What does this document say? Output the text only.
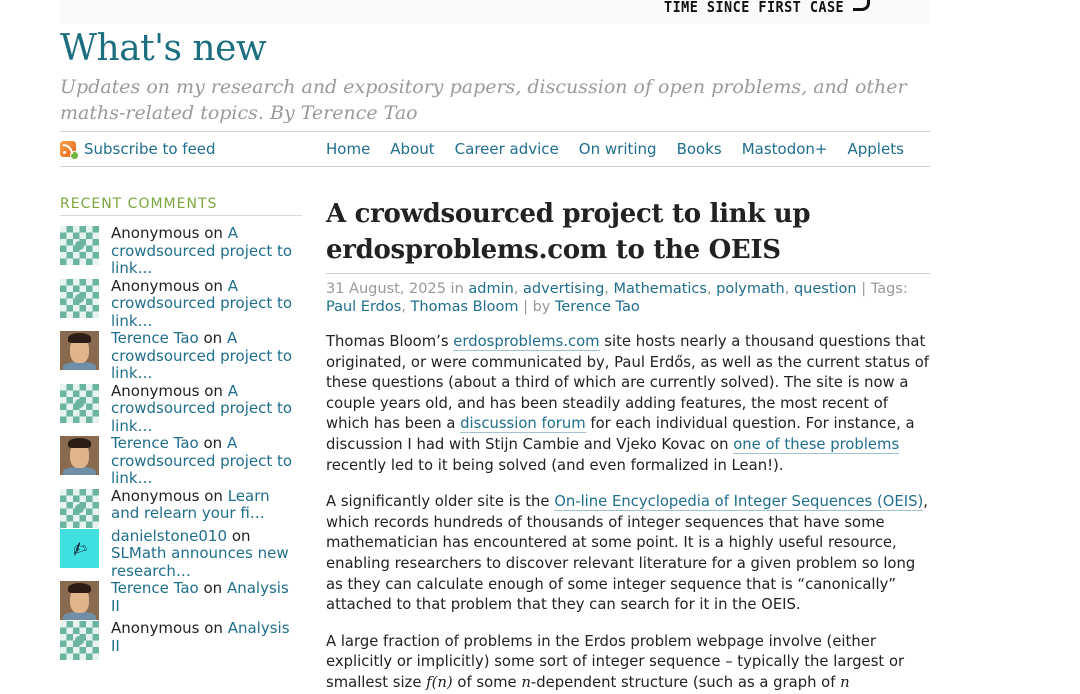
TIME SINCE FIRST CASE
What's new
Updates on my research and expository papers, discussion of open problems, and other maths-related topics. By Terence Tao
Subscribe to feed	Home About Career advice On writing Books Mastodon+ Applets
RECENT COMMENTS
Anonymous on A crowdsourced project to link…
Anonymous on A crowdsourced project to link…
Terence Tao on A crowdsourced project to link…
Anonymous on A crowdsourced project to link…
Terence Tao on A crowdsourced project to link…
Anonymous on Learn and relearn your fi…
✍
danielstone010 on SLMath announces new research…
Terence Tao on Analysis II
Anonymous on Analysis II
A crowdsourced project to link up erdosproblems.com to the OEIS
31 August, 2025 in admin, advertising, Mathematics, polymath, question | Tags: Paul Erdos, Thomas Bloom | by Terence Tao
Thomas Bloom’s erdosproblems.com site hosts nearly a thousand questions that originated, or were communicated by, Paul Erdős, as well as the current status of these questions (about a third of which are currently solved). The site is now a couple years old, and has been steadily adding features, the most recent of which has been a discussion forum for each individual question. For instance, a discussion I had with Stijn Cambie and Vjeko Kovac on one of these problems recently led to it being solved (and even formalized in Lean!).
A significantly older site is the On-line Encyclopedia of Integer Sequences (OEIS), which records hundreds of thousands of integer sequences that have some mathematician has encountered at some point. It is a highly useful resource, enabling researchers to discover relevant literature for a given problem so long as they can calculate enough of some integer sequence that is “canonically” attached to that problem that they can search for it in the OEIS.
A large fraction of problems in the Erdos problem webpage involve (either explicitly or implicitly) some sort of integer sequence – typically the largest or smallest size f(n) of some n-dependent structure (such as a graph of n
